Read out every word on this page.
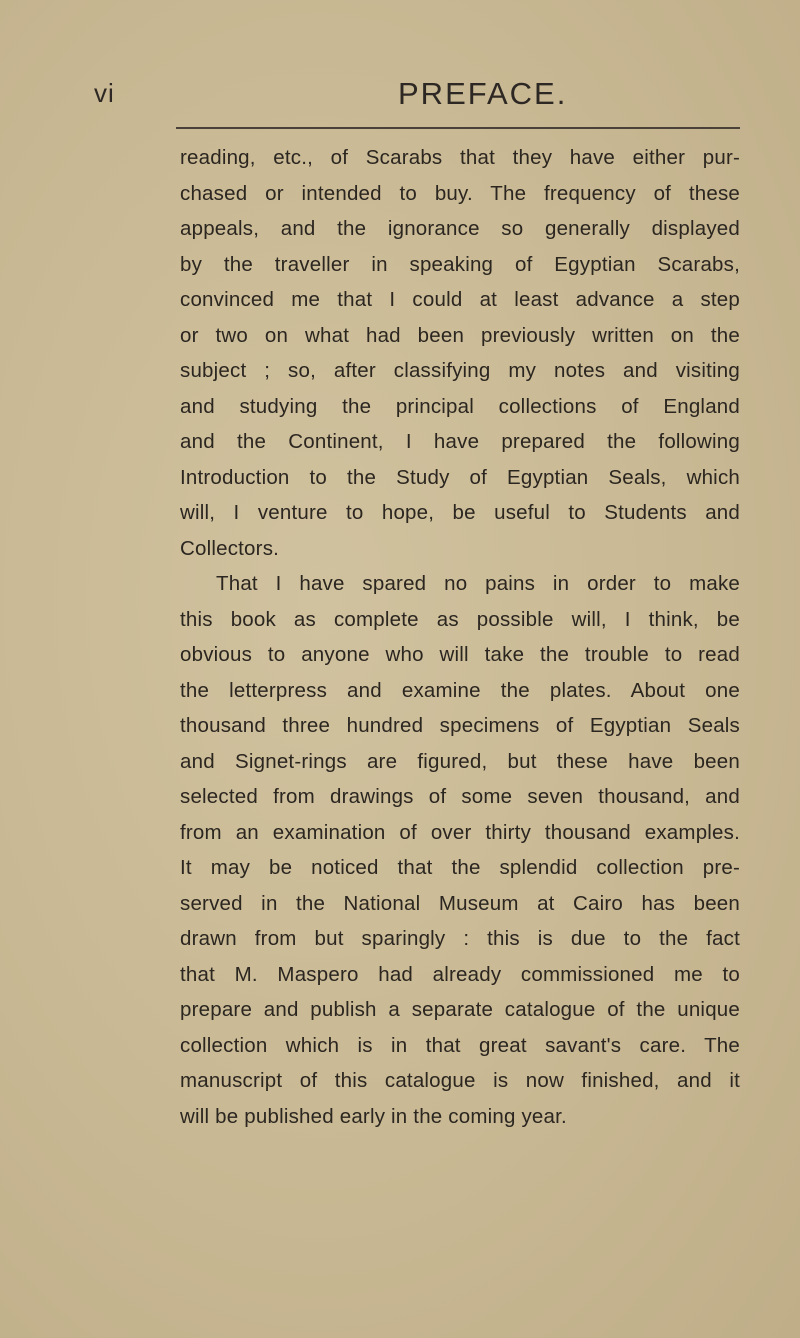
vi	PREFACE.
reading, etc., of Scarabs that they have either pur-
chased or intended to buy. The frequency of these
appeals, and the ignorance so generally displayed
by the traveller in speaking of Egyptian Scarabs,
convinced me that I could at least advance a step
or two on what had been previously written on the
subject ; so, after classifying my notes and visiting
and studying the principal collections of England
and the Continent, I have prepared the following
Introduction to the Study of Egyptian Seals, which
will, I venture to hope, be useful to Students and
Collectors.
That I have spared no pains in order to make
this book as complete as possible will, I think, be
obvious to anyone who will take the trouble to read
the letterpress and examine the plates. About one
thousand three hundred specimens of Egyptian Seals
and Signet-rings are figured, but these have been
selected from drawings of some seven thousand, and
from an examination of over thirty thousand examples.
It may be noticed that the splendid collection pre-
served in the National Museum at Cairo has been
drawn from but sparingly : this is due to the fact
that M. Maspero had already commissioned me to
prepare and publish a separate catalogue of the unique
collection which is in that great savant's care. The
manuscript of this catalogue is now finished, and it
will be published early in the coming year.
